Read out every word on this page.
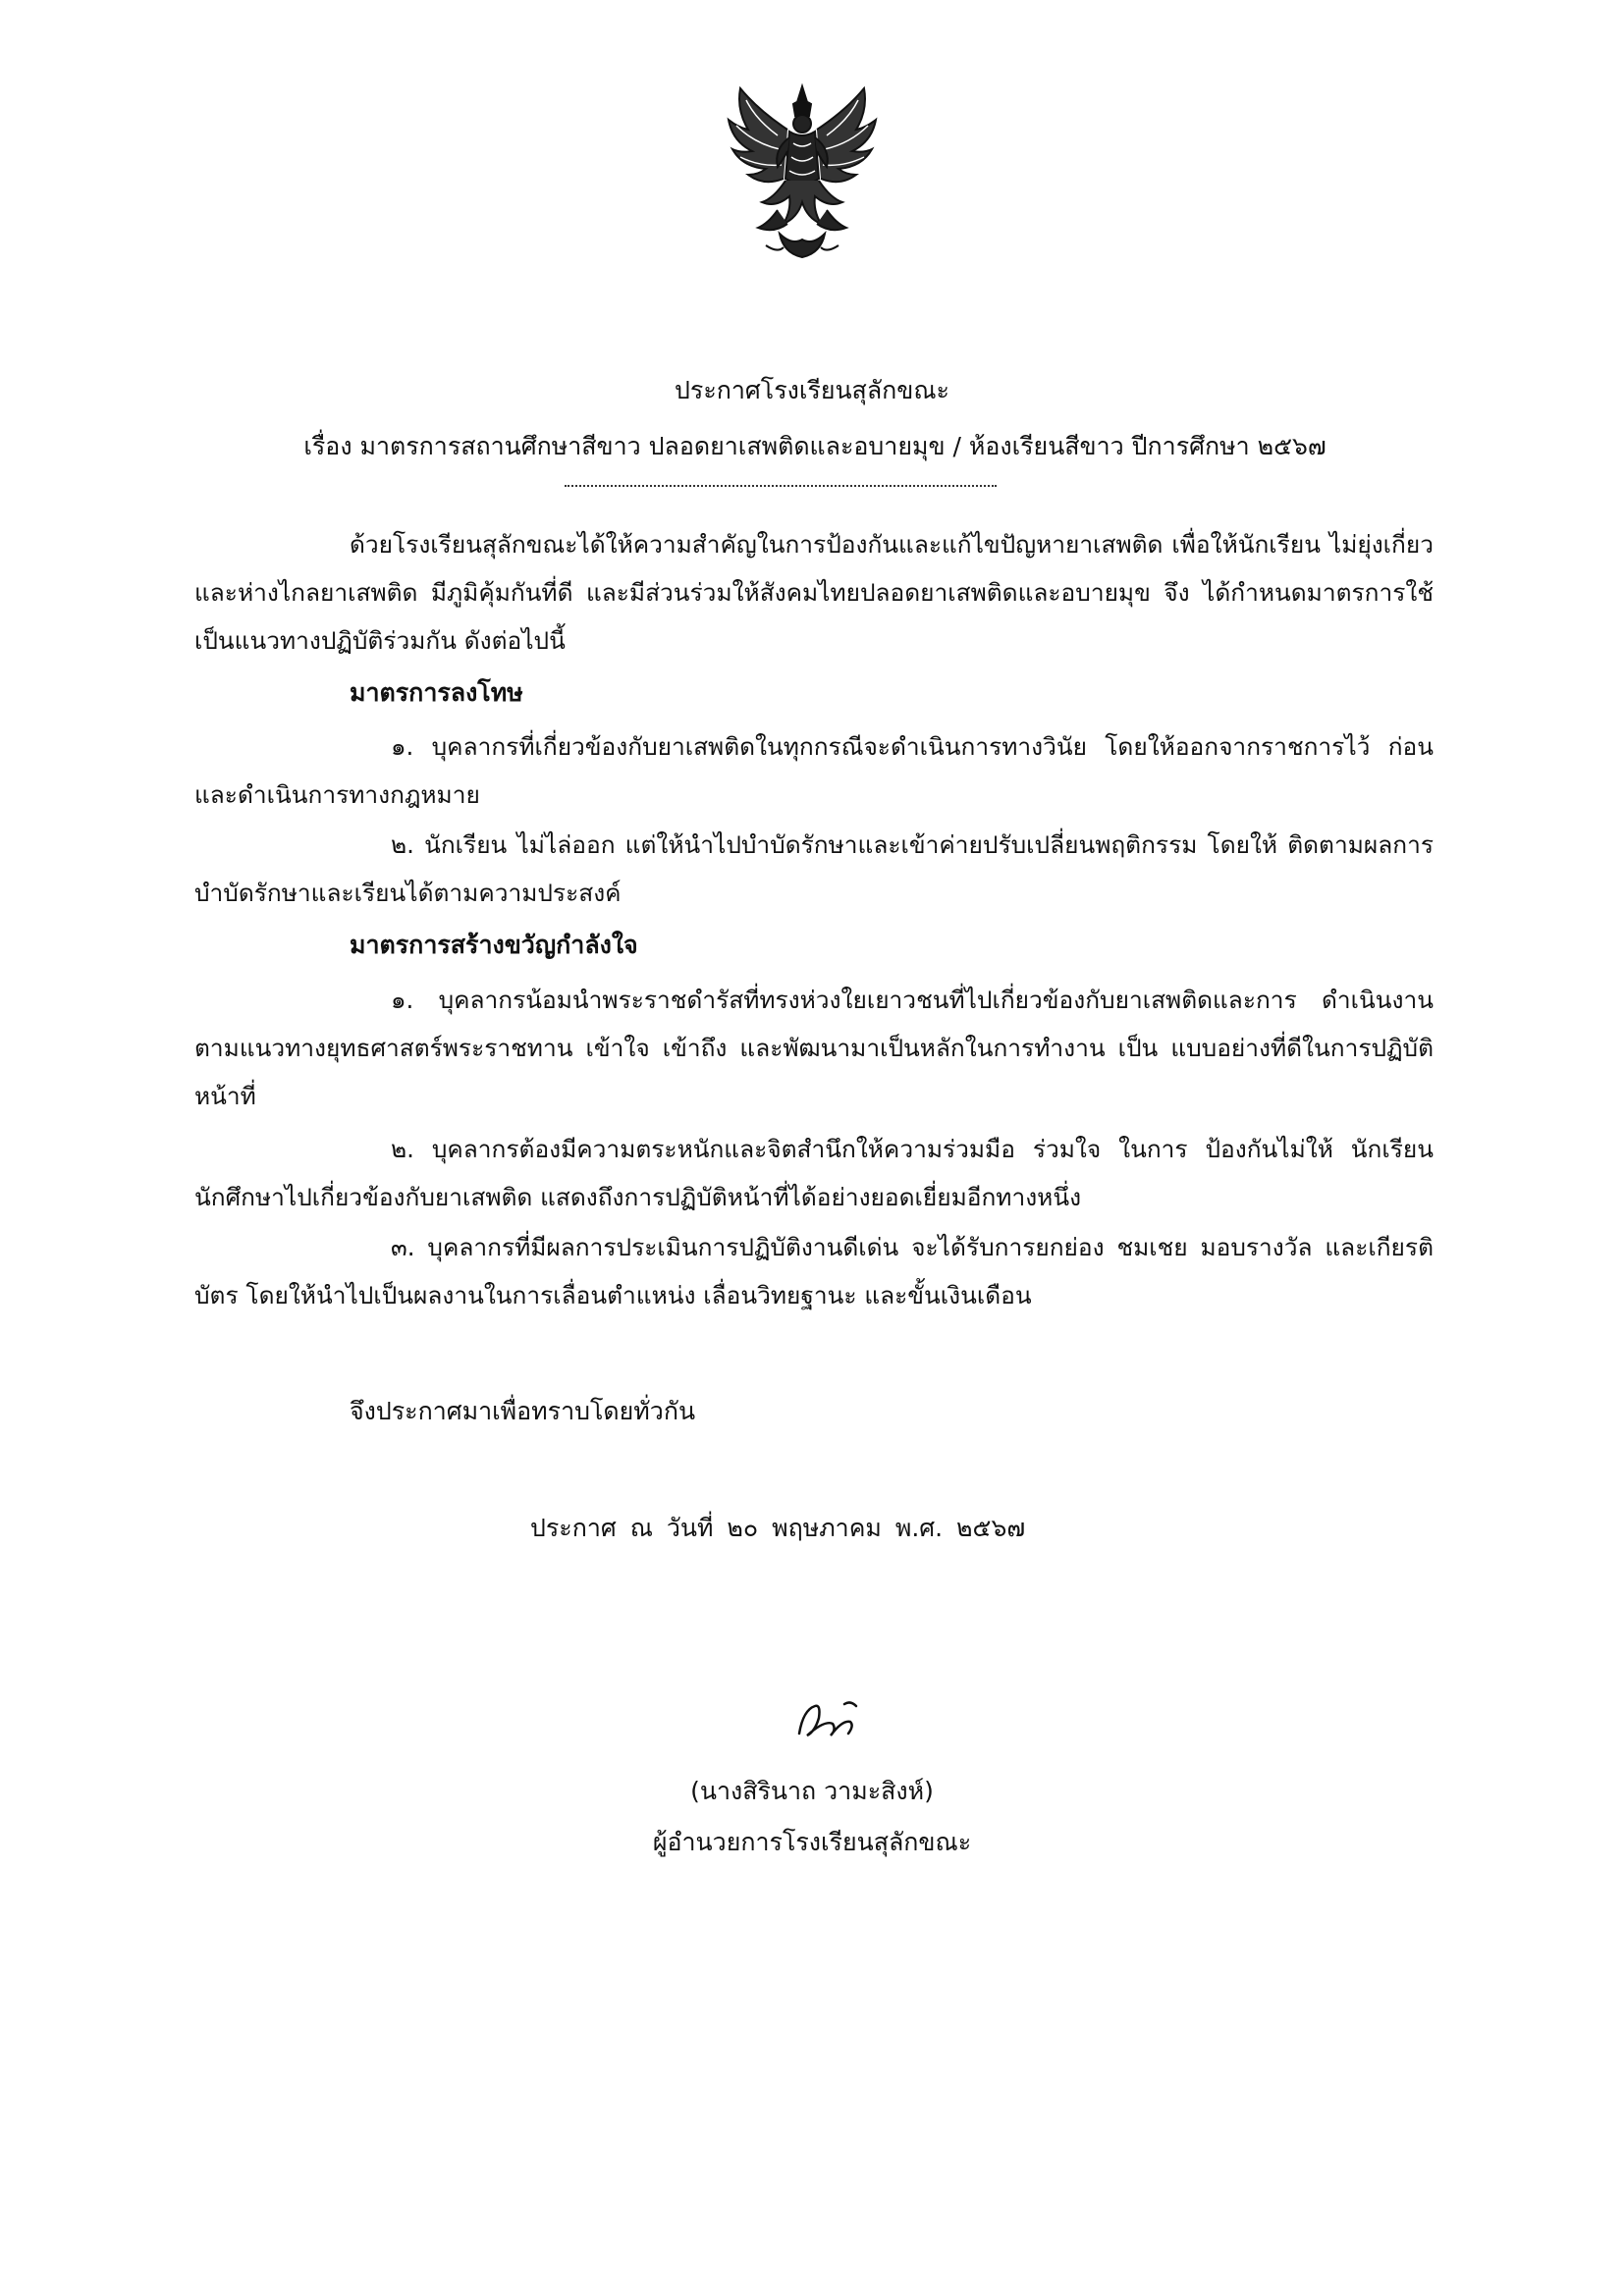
ประกาศโรงเรียนสุลักขณะ
เรื่อง มาตรการสถานศึกษาสีขาว ปลอดยาเสพติดและอบายมุข / ห้องเรียนสีขาว ปีการศึกษา ๒๕๖๗
ด้วยโรงเรียนสุลักขณะได้ให้ความสำคัญในการป้องกันและแก้ไขปัญหายาเสพติด เพื่อให้นักเรียน ไม่ยุ่งเกี่ยวและห่างไกลยาเสพติด มีภูมิคุ้มกันที่ดี และมีส่วนร่วมให้สังคมไทยปลอดยาเสพติดและอบายมุข จึง ได้กำหนดมาตรการใช้เป็นแนวทางปฏิบัติร่วมกัน ดังต่อไปนี้
มาตรการลงโทษ
๑. บุคลากรที่เกี่ยวข้องกับยาเสพติดในทุกกรณีจะดำเนินการทางวินัย โดยให้ออกจากราชการไว้ ก่อนและดำเนินการทางกฎหมาย
๒. นักเรียน ไม่ไล่ออก แต่ให้นำไปบำบัดรักษาและเข้าค่ายปรับเปลี่ยนพฤติกรรม โดยให้ ติดตามผลการบำบัดรักษาและเรียนได้ตามความประสงค์
มาตรการสร้างขวัญกำลังใจ
๑. บุคลากรน้อมนำพระราชดำรัสที่ทรงห่วงใยเยาวชนที่ไปเกี่ยวข้องกับยาเสพติดและการ ดำเนินงานตามแนวทางยุทธศาสตร์พระราชทาน เข้าใจ เข้าถึง และพัฒนามาเป็นหลักในการทำงาน เป็น แบบอย่างที่ดีในการปฏิบัติหน้าที่
๒. บุคลากรต้องมีความตระหนักและจิตสำนึกให้ความร่วมมือ ร่วมใจ ในการ ป้องกันไม่ให้ นักเรียน นักศึกษาไปเกี่ยวข้องกับยาเสพติด แสดงถึงการปฏิบัติหน้าที่ได้อย่างยอดเยี่ยมอีกทางหนึ่ง
๓. บุคลากรที่มีผลการประเมินการปฏิบัติงานดีเด่น จะได้รับการยกย่อง ชมเชย มอบรางวัล และเกียรติบัตร โดยให้นำไปเป็นผลงานในการเลื่อนตำแหน่ง เลื่อนวิทยฐานะ และขั้นเงินเดือน
จึงประกาศมาเพื่อทราบโดยทั่วกัน
ประกาศ ณ วันที่ ๒๐ พฤษภาคม พ.ศ. ๒๕๖๗
(นางสิรินาถ วามะสิงห์)
ผู้อำนวยการโรงเรียนสุลักขณะ
